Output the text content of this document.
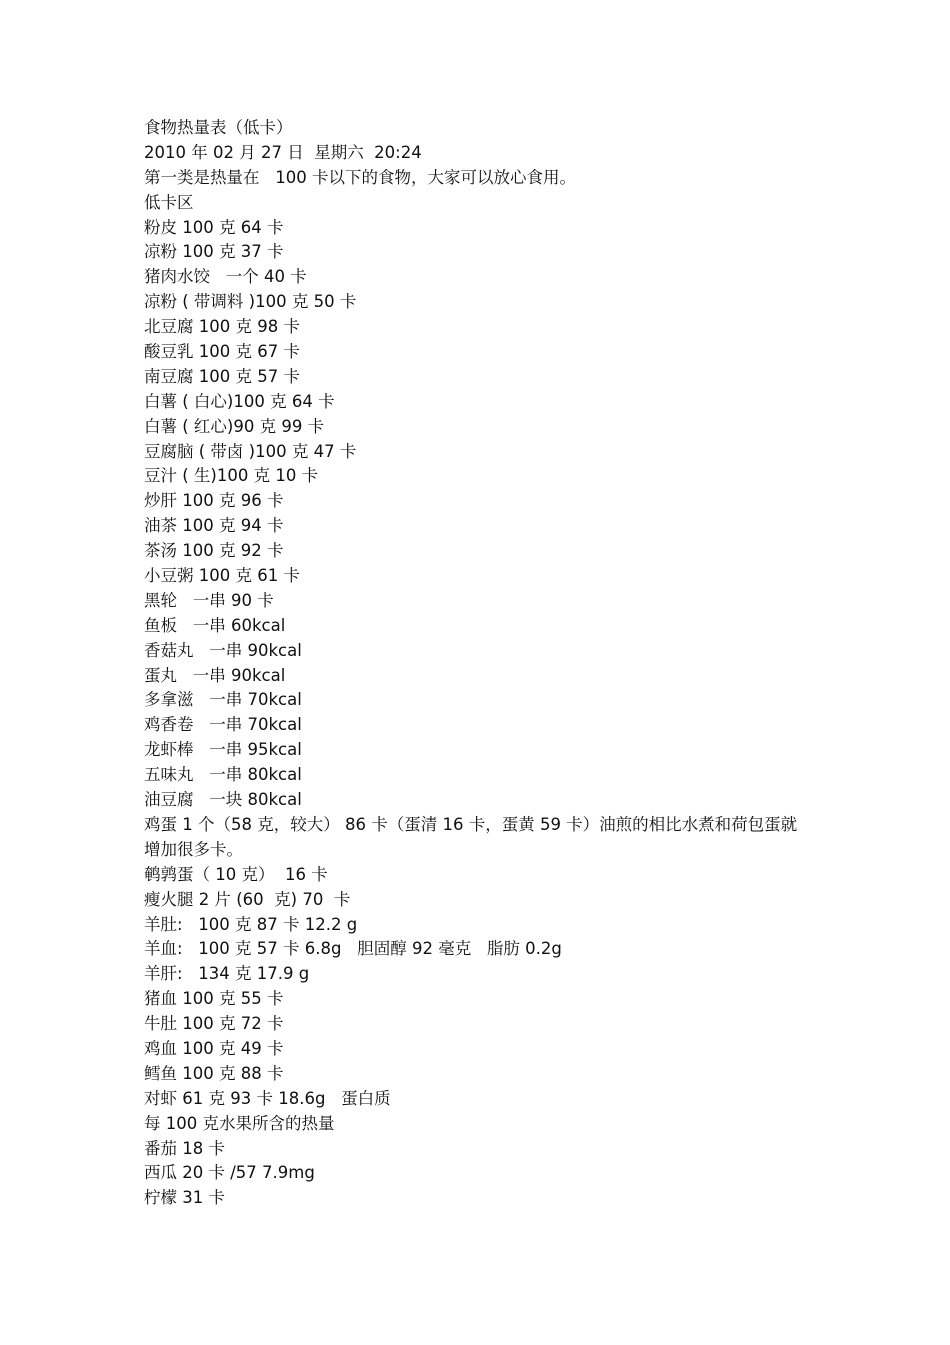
食物热量表（低卡）

2010 年 02 月 27 日  星期六  20:24

第一类是热量在   100 卡以下的食物，大家可以放心食用。

低卡区

粉皮 100 克 64 卡

凉粉 100 克 37 卡

猪肉水饺   一个 40 卡

凉粉 ( 带调料 )100 克 50 卡

北豆腐 100 克 98 卡

酸豆乳 100 克 67 卡

南豆腐 100 克 57 卡

白薯 ( 白心)100 克 64 卡

白薯 ( 红心)90 克 99 卡

豆腐脑 ( 带卤 )100 克 47 卡

豆汁 ( 生)100 克 10 卡

炒肝 100 克 96 卡

油茶 100 克 94 卡

茶汤 100 克 92 卡

小豆粥 100 克 61 卡

黑轮   一串 90 卡

鱼板   一串 60kcal

香菇丸   一串 90kcal

蛋丸   一串 90kcal

多拿滋   一串 70kcal

鸡香卷   一串 70kcal

龙虾棒   一串 95kcal

五味丸   一串 80kcal

油豆腐   一块 80kcal

鸡蛋 1 个（58 克，较大） 86 卡（蛋清 16 卡，蛋黄 59 卡）油煎的相比水煮和荷包蛋就增加很多卡。

鹌鹑蛋（ 10 克）  16 卡

瘦火腿 2 片 (60  克) 70  卡

羊肚:   100 克 87 卡 12.2 g

羊血:   100 克 57 卡 6.8g   胆固醇 92 毫克   脂肪 0.2g

羊肝:   134 克 17.9 g

猪血 100 克 55 卡

牛肚 100 克 72 卡

鸡血 100 克 49 卡

鳕鱼 100 克 88 卡

对虾 61 克 93 卡 18.6g   蛋白质

每 100 克水果所含的热量

番茄 18 卡

西瓜 20 卡 /57 7.9mg

柠檬 31 卡
